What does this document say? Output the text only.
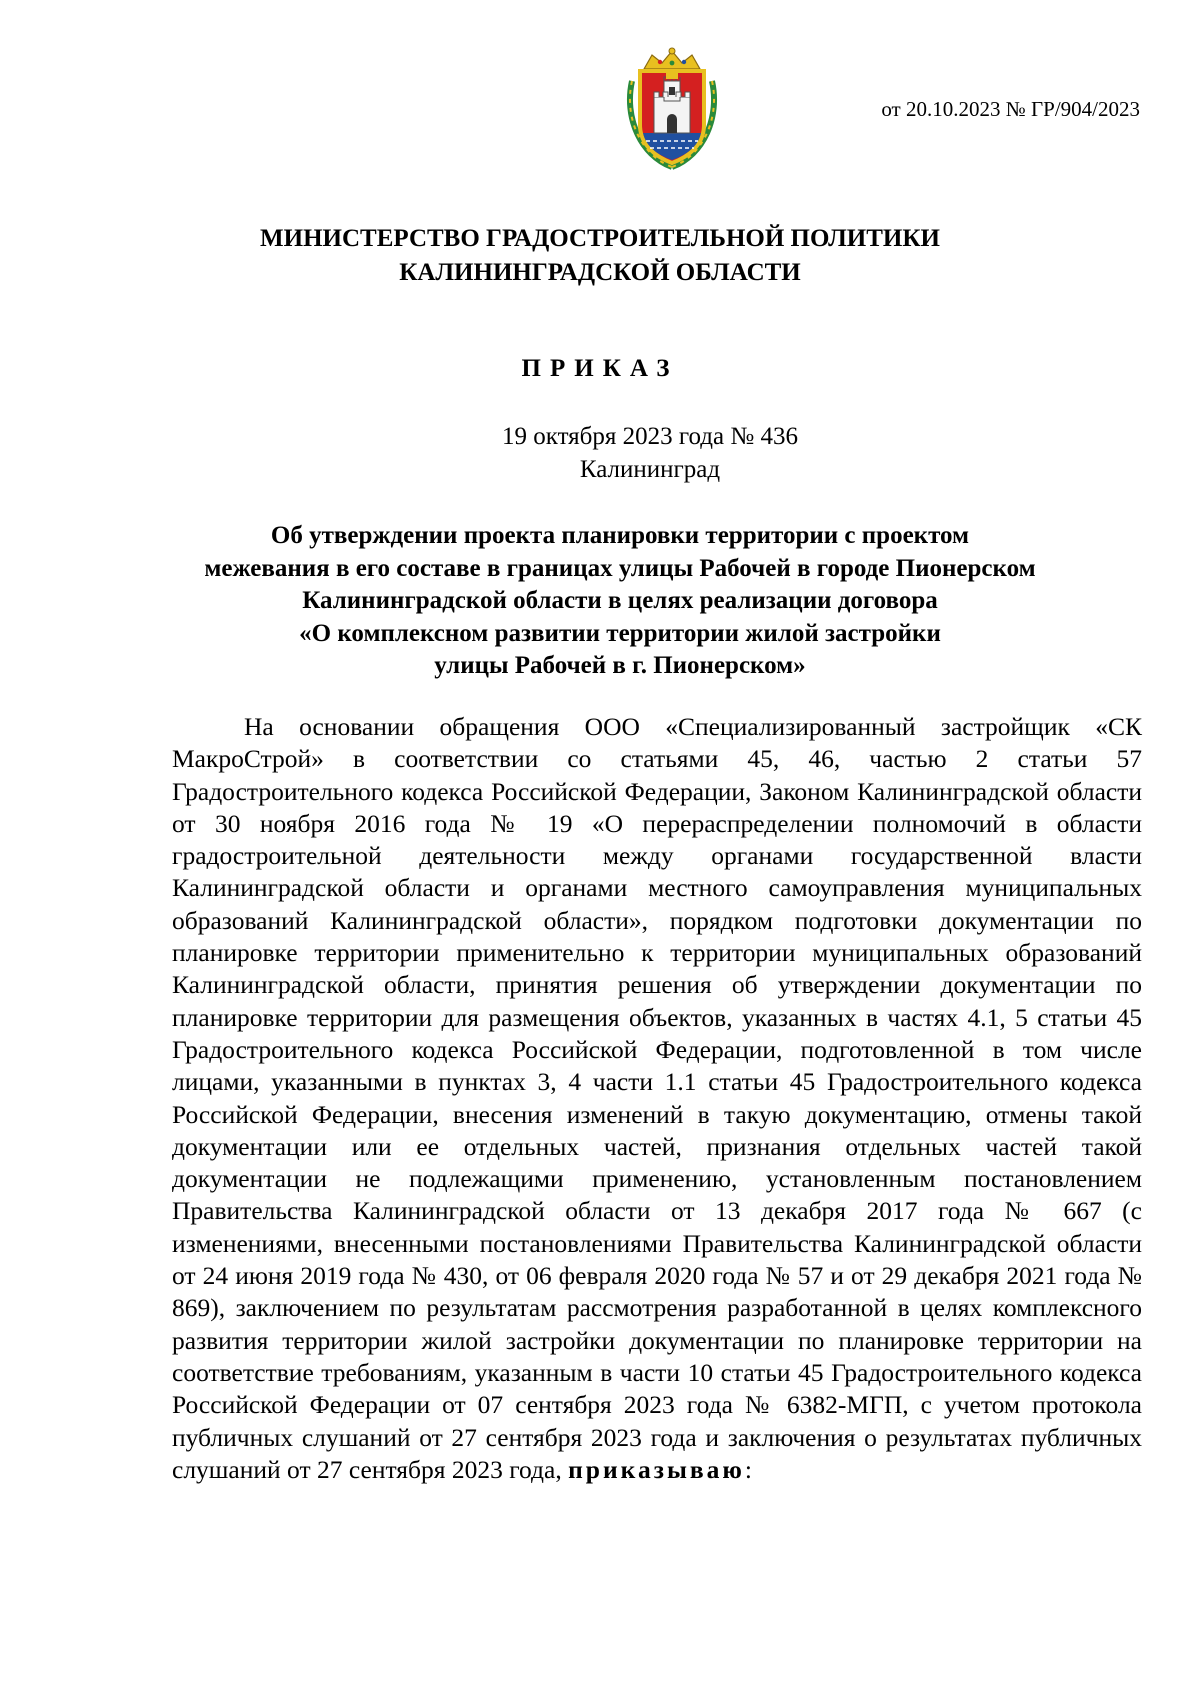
от 20.10.2023 № ГР/904/2023
МИНИСТЕРСТВО ГРАДОСТРОИТЕЛЬНОЙ ПОЛИТИКИ
КАЛИНИНГРАДСКОЙ ОБЛАСТИ
ПРИКАЗ
19 октября 2023 года № 436
Калининград
Об утверждении проекта планировки территории с проектом
межевания в его составе в границах улицы Рабочей в городе Пионерском
Калининградской области в целях реализации договора
«О комплексном развитии территории жилой застройки
улицы Рабочей в г. Пионерском»

На основании обращения ООО «Специализированный застройщик «СК МакроСтрой» в соответствии со статьями 45, 46, частью 2 статьи 57 Градостроительного кодекса Российской Федерации, Законом Калининградской области от 30 ноября 2016 года № 19 «О перераспределении полномочий в области градостроительной деятельности между органами государственной власти Калининградской области и органами местного самоуправления муниципальных образований Калининградской области», порядком подготовки документации по планировке территории применительно к территории муниципальных образований Калининградской области, принятия решения об утверждении документации по планировке территории для размещения объектов, указанных в частях 4.1, 5 статьи 45 Градостроительного кодекса Российской Федерации, подготовленной в том числе лицами, указанными в пунктах 3, 4 части 1.1 статьи 45 Градостроительного кодекса Российской Федерации, внесения изменений в такую документацию, отмены такой документации или ее отдельных частей, признания отдельных частей такой документации не подлежащими применению, установленным постановлением Правительства Калининградской области от 13 декабря 2017 года № 667 (с изменениями, внесенными постановлениями Правительства Калининградской области от 24 июня 2019 года № 430, от 06 февраля 2020 года № 57 и от 29 декабря 2021 года № 869), заключением по результатам рассмотрения разработанной в целях комплексного развития территории жилой застройки документации по планировке территории на соответствие требованиям, указанным в части 10 статьи 45 Градостроительного кодекса Российской Федерации от 07 сентября 2023 года № 6382-МГП, с учетом протокола публичных слушаний от 27 сентября 2023 года и заключения о результатах публичных слушаний от 27 сентября 2023 года, приказываю:
